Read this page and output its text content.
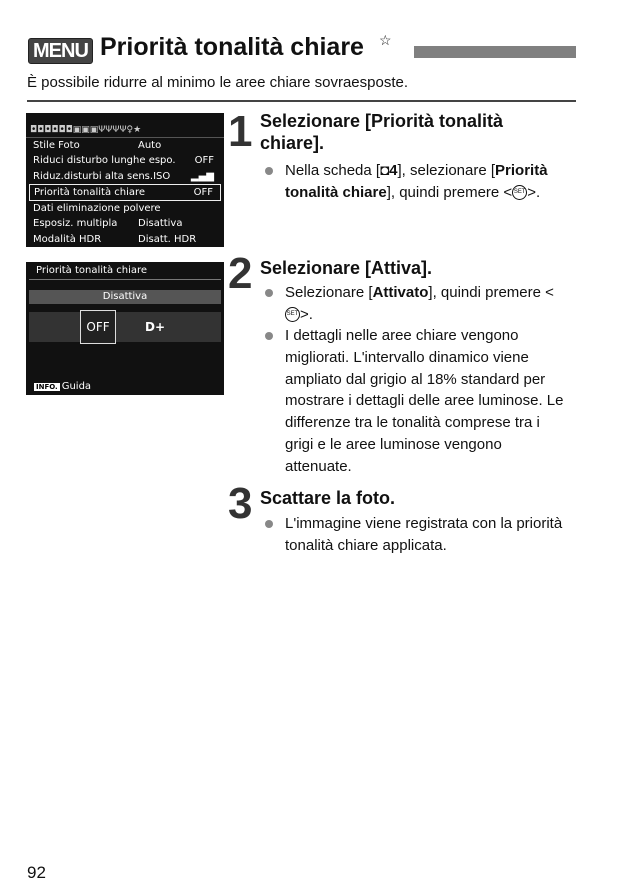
MENU Priorità tonalità chiare ☆
È possibile ridurre al minimo le aree chiare sovraesposte.
◘◘◘◘◘◘▣▣▣ΨΨΨΨ♀★
Stile Foto	Auto
Riduci disturbo lunghe espo. OFF
Riduz.disturbi alta sens.ISO ▂▄▆
Priorità tonalità chiare	OFF
Dati eliminazione polvere
Esposiz. multipla Disattiva
Modalità HDR	Disatt. HDR
Priorità tonalità chiare
Disattiva
OFF	D+
INFO. Guida
1 Selezionare [Priorità tonalità chiare].
Nella scheda [◘4], selezionare [Priorità tonalità chiare], quindi premere < SET >.
2 Selezionare [Attiva].
Selezionare [Attivato], quindi premere <SET >.
I dettagli nelle aree chiare vengono migliorati. L'intervallo dinamico viene ampliato dal grigio al 18% standard per mostrare i dettagli delle aree luminose. Le differenze tra le tonalità comprese tra i grigi e le aree luminose vengono attenuate.
3 Scattare la foto.
L'immagine viene registrata con la priorità tonalità chiare applicata.
92
